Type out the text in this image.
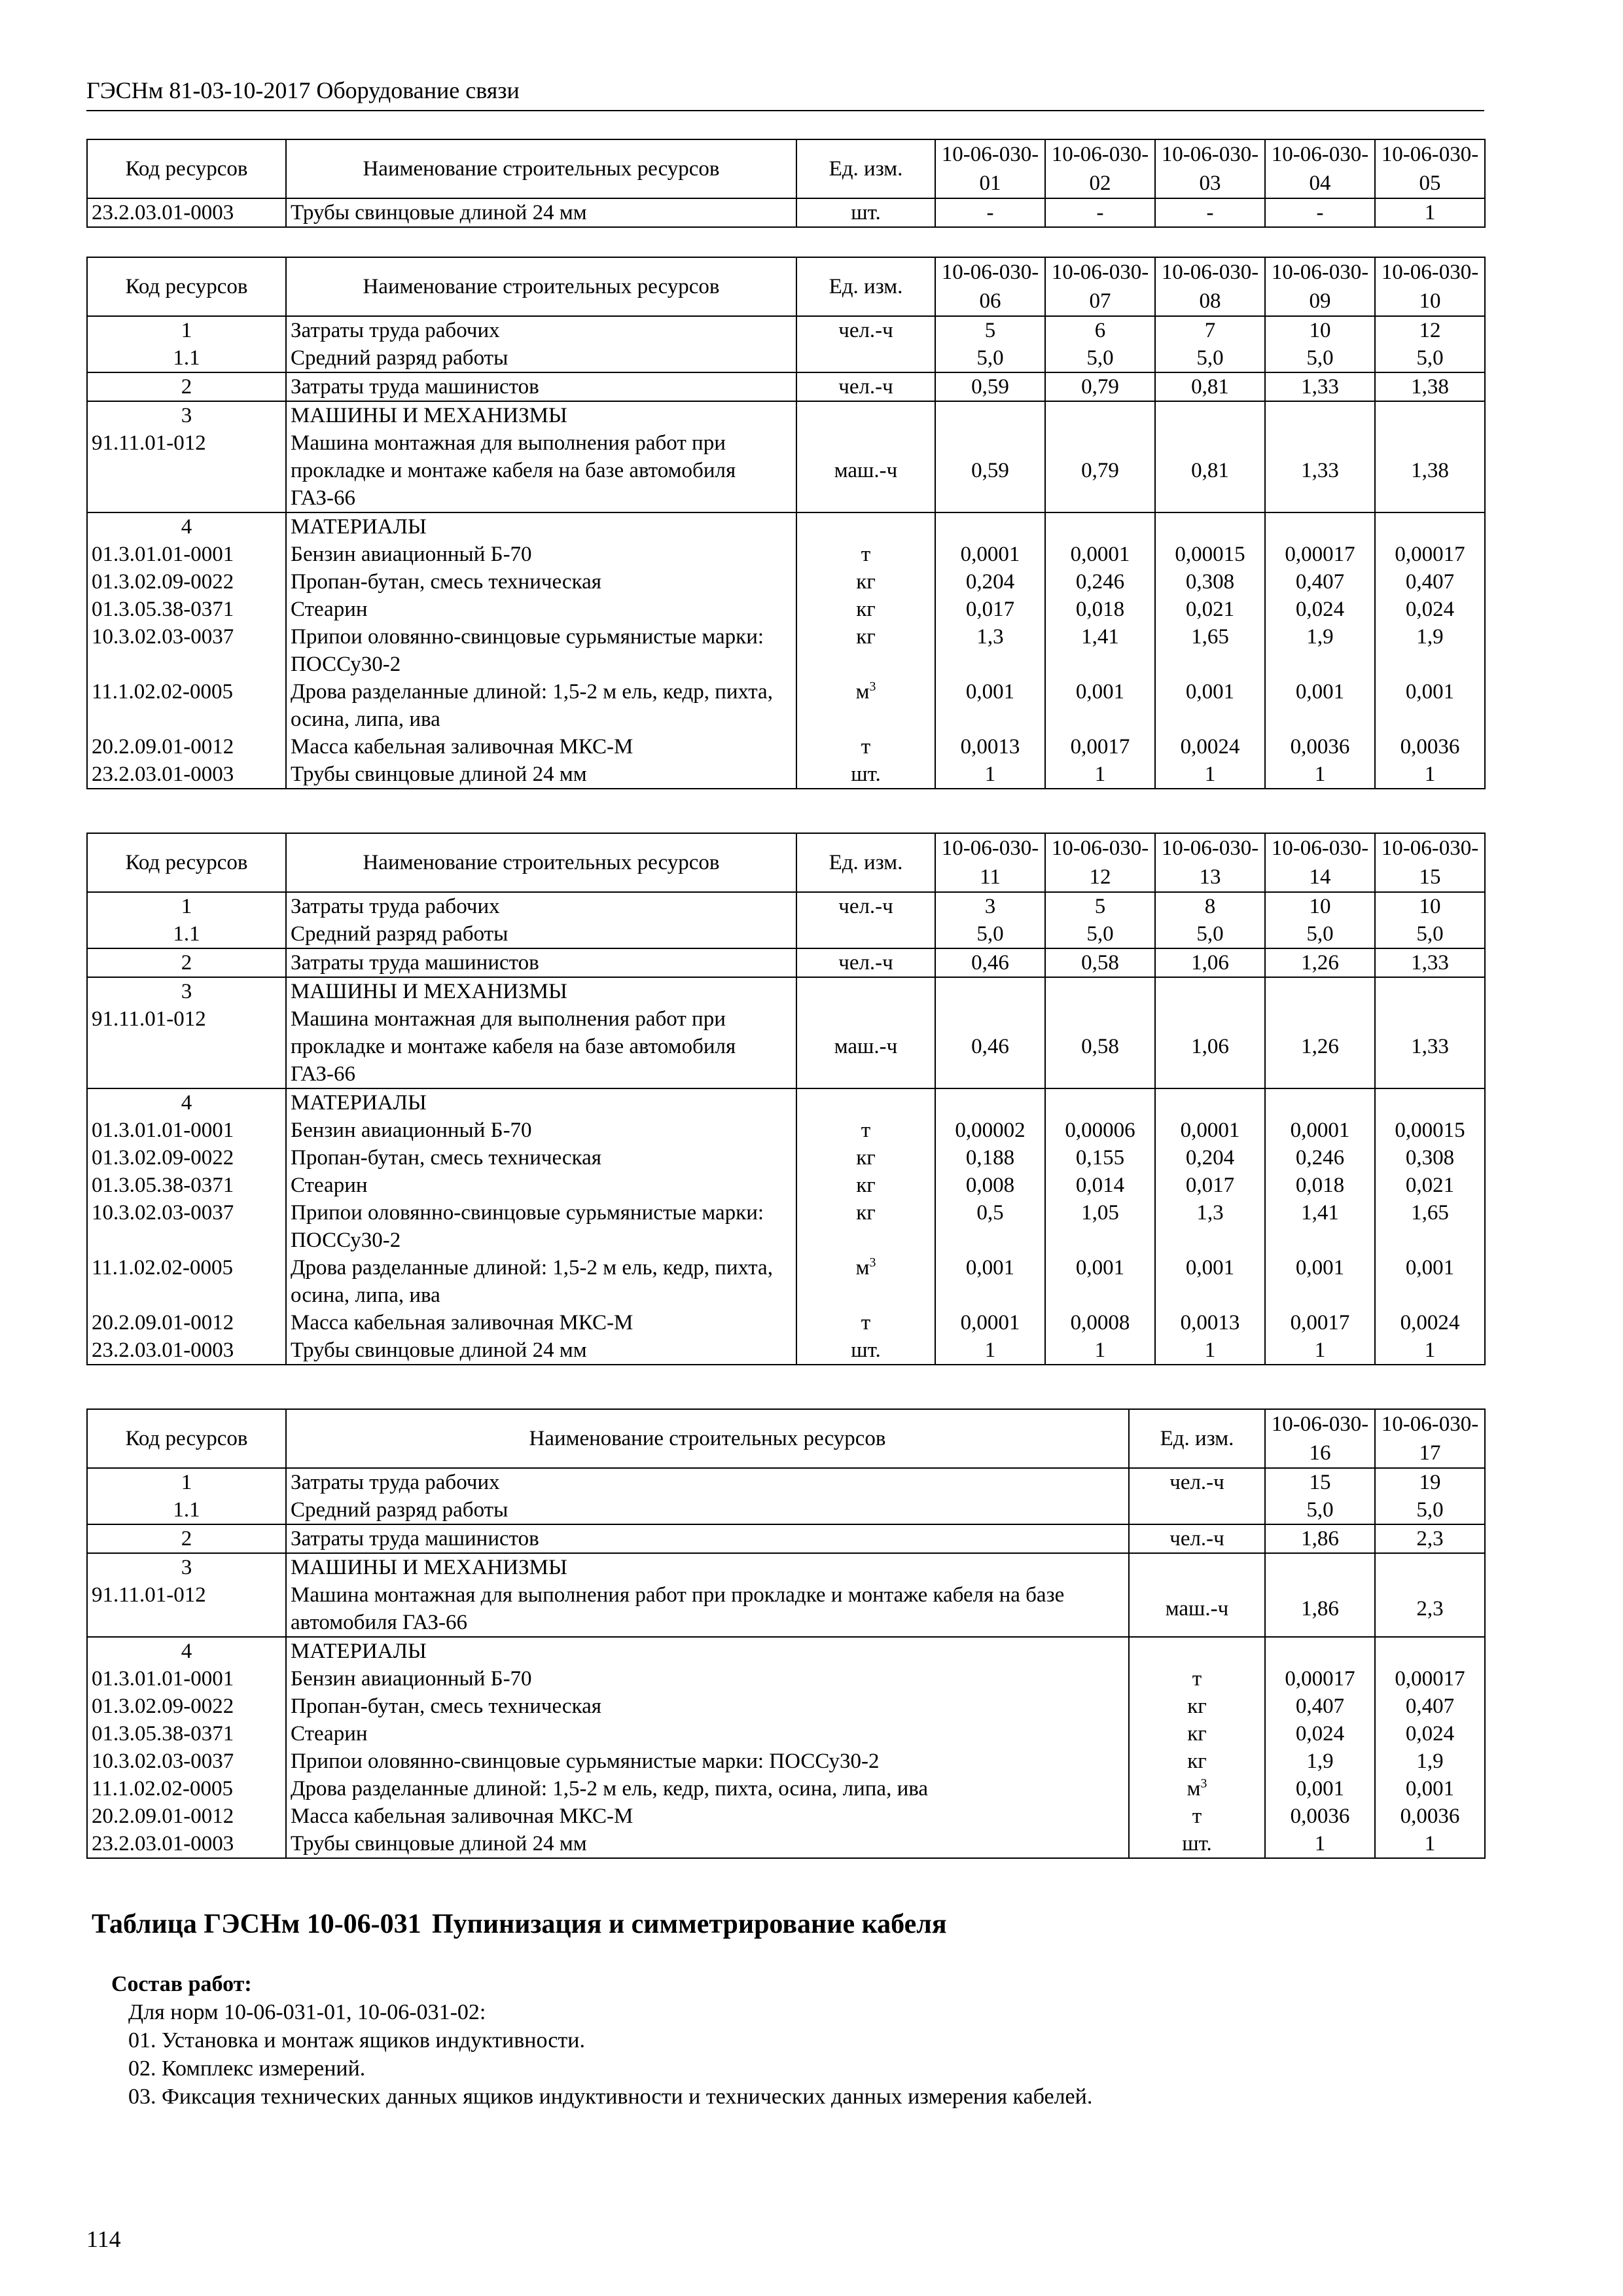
ГЭСНм 81-03-10-2017 Оборудование связи
Код ресурсов	Наименование строительных ресурсов	Ед. изм.	10-06-030-01	10-06-030-02	10-06-030-03	10-06-030-04	10-06-030-05
23.2.03.01-0003	Трубы свинцовые длиной 24 мм	шт.	-	-	-	-	1
Код ресурсов	Наименование строительных ресурсов	Ед. изм.	10-06-030-06	10-06-030-07	10-06-030-08	10-06-030-09	10-06-030-10
1	Затраты труда рабочих	чел.-ч	5	6	7	10	12
1.1	Средний разряд работы		5,0	5,0	5,0	5,0	5,0
2	Затраты труда машинистов	чел.-ч	0,59	0,79	0,81	1,33	1,38
3	МАШИНЫ И МЕХАНИЗМЫ						
91.11.01-012	Машина монтажная для выполнения работ при прокладке и монтаже кабеля на базе автомобиля ГАЗ-66	маш.-ч	0,59	0,79	0,81	1,33	1,38
4	МАТЕРИАЛЫ						
01.3.01.01-0001	Бензин авиационный Б-70	т	0,0001	0,0001	0,00015	0,00017	0,00017
01.3.02.09-0022	Пропан-бутан, смесь техническая	кг	0,204	0,246	0,308	0,407	0,407
01.3.05.38-0371	Стеарин	кг	0,017	0,018	0,021	0,024	0,024
10.3.02.03-0037	Припои оловянно-свинцовые сурьмянистые марки: ПОССу30-2	кг	1,3	1,41	1,65	1,9	1,9
11.1.02.02-0005	Дрова разделанные длиной: 1,5-2 м ель, кедр, пихта, осина, липа, ива	$м^3$	0,001	0,001	0,001	0,001	0,001
20.2.09.01-0012	Масса кабельная заливочная МКС-М	т	0,0013	0,0017	0,0024	0,0036	0,0036
23.2.03.01-0003	Трубы свинцовые длиной 24 мм	шт.	1	1	1	1	1
Код ресурсов	Наименование строительных ресурсов	Ед. изм.	10-06-030-11	10-06-030-12	10-06-030-13	10-06-030-14	10-06-030-15
1	Затраты труда рабочих	чел.-ч	3	5	8	10	10
1.1	Средний разряд работы		5,0	5,0	5,0	5,0	5,0
2	Затраты труда машинистов	чел.-ч	0,46	0,58	1,06	1,26	1,33
3	МАШИНЫ И МЕХАНИЗМЫ						
91.11.01-012	Машина монтажная для выполнения работ при прокладке и монтаже кабеля на базе автомобиля ГАЗ-66	маш.-ч	0,46	0,58	1,06	1,26	1,33
4	МАТЕРИАЛЫ						
01.3.01.01-0001	Бензин авиационный Б-70	т	0,00002	0,00006	0,0001	0,0001	0,00015
01.3.02.09-0022	Пропан-бутан, смесь техническая	кг	0,188	0,155	0,204	0,246	0,308
01.3.05.38-0371	Стеарин	кг	0,008	0,014	0,017	0,018	0,021
10.3.02.03-0037	Припои оловянно-свинцовые сурьмянистые марки: ПОССу30-2	кг	0,5	1,05	1,3	1,41	1,65
11.1.02.02-0005	Дрова разделанные длиной: 1,5-2 м ель, кедр, пихта, осина, липа, ива	$м^3$	0,001	0,001	0,001	0,001	0,001
20.2.09.01-0012	Масса кабельная заливочная МКС-М	т	0,0001	0,0008	0,0013	0,0017	0,0024
23.2.03.01-0003	Трубы свинцовые длиной 24 мм	шт.	1	1	1	1	1
Код ресурсов	Наименование строительных ресурсов	Ед. изм.	10-06-030-16	10-06-030-17
1	Затраты труда рабочих	чел.-ч	15	19
1.1	Средний разряд работы		5,0	5,0
2	Затраты труда машинистов	чел.-ч	1,86	2,3
3	МАШИНЫ И МЕХАНИЗМЫ			
91.11.01-012	Машина монтажная для выполнения работ при прокладке и монтаже кабеля на базе автомобиля ГАЗ-66	маш.-ч	1,86	2,3
4	МАТЕРИАЛЫ			
01.3.01.01-0001	Бензин авиационный Б-70	т	0,00017	0,00017
01.3.02.09-0022	Пропан-бутан, смесь техническая	кг	0,407	0,407
01.3.05.38-0371	Стеарин	кг	0,024	0,024
10.3.02.03-0037	Припои оловянно-свинцовые сурьмянистые марки: ПОССу30-2	кг	1,9	1,9
11.1.02.02-0005	Дрова разделанные длиной: 1,5-2 м ель, кедр, пихта, осина, липа, ива	$м^3$	0,001	0,001
20.2.09.01-0012	Масса кабельная заливочная МКС-М	т	0,0036	0,0036
23.2.03.01-0003	Трубы свинцовые длиной 24 мм	шт.	1	1
Таблица ГЭСНм 10-06-031 Пупинизация и симметрирование кабеля
Состав работ:
Для норм 10-06-031-01, 10-06-031-02:
01. Установка и монтаж ящиков индуктивности.
02. Комплекс измерений.
03. Фиксация технических данных ящиков индуктивности и технических данных измерения кабелей.
114
